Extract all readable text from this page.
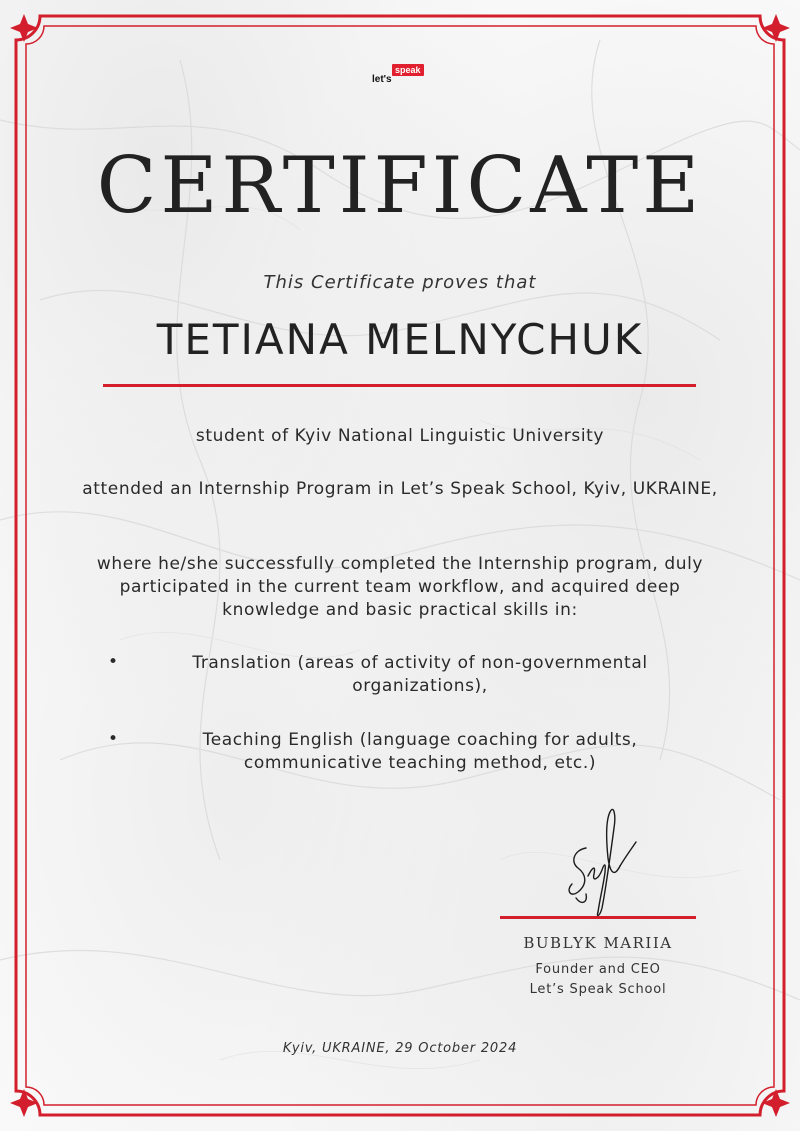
speak
let's
CERTIFICATE
This Certificate proves that
TETIANA MELNYCHUK
student of Kyiv National Linguistic University
attended an Internship Program in Let’s Speak School, Kyiv, UKRAINE,
where he/she successfully completed the Internship program, duly participated in the current team workflow, and acquired deep knowledge and basic practical skills in:
•	Translation (areas of activity of non-governmental organizations),
•	Teaching English (language coaching for adults, communicative teaching method, etc.)
BUBLYK MARIIA
Founder and CEO
Let’s Speak School
Kyiv, UKRAINE, 29 October 2024
